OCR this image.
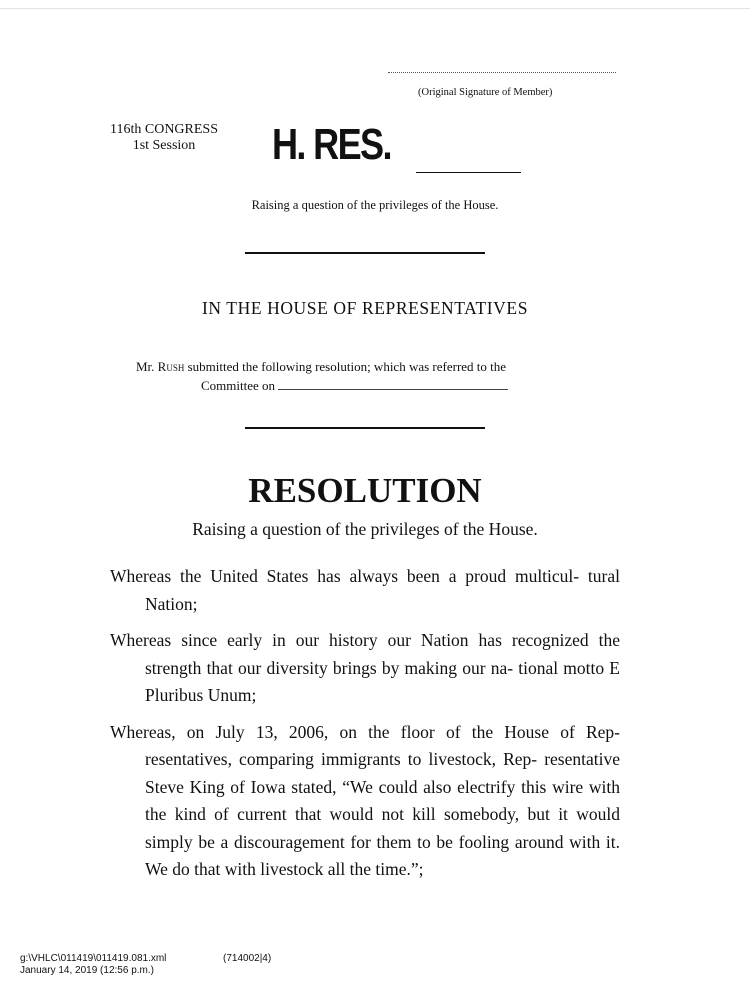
(Original Signature of Member)
116th CONGRESS
1st Session	H. RES.
Raising a question of the privileges of the House.
IN THE HOUSE OF REPRESENTATIVES
Mr. Rush submitted the following resolution; which was referred to the
Committee on
RESOLUTION
Raising a question of the privileges of the House.
Whereas the United States has always been a proud multicul- tural Nation;
Whereas since early in our history our Nation has recognized the strength that our diversity brings by making our na- tional motto E Pluribus Unum;
Whereas, on July 13, 2006, on the floor of the House of Rep- resentatives, comparing immigrants to livestock, Rep- resentative Steve King of Iowa stated, “We could also electrify this wire with the kind of current that would not kill somebody, but it would simply be a discouragement for them to be fooling around with it. We do that with livestock all the time.”;
g:\VHLC\011419\011419.081.xml
January 14, 2019 (12:56 p.m.)
(714002|4)
